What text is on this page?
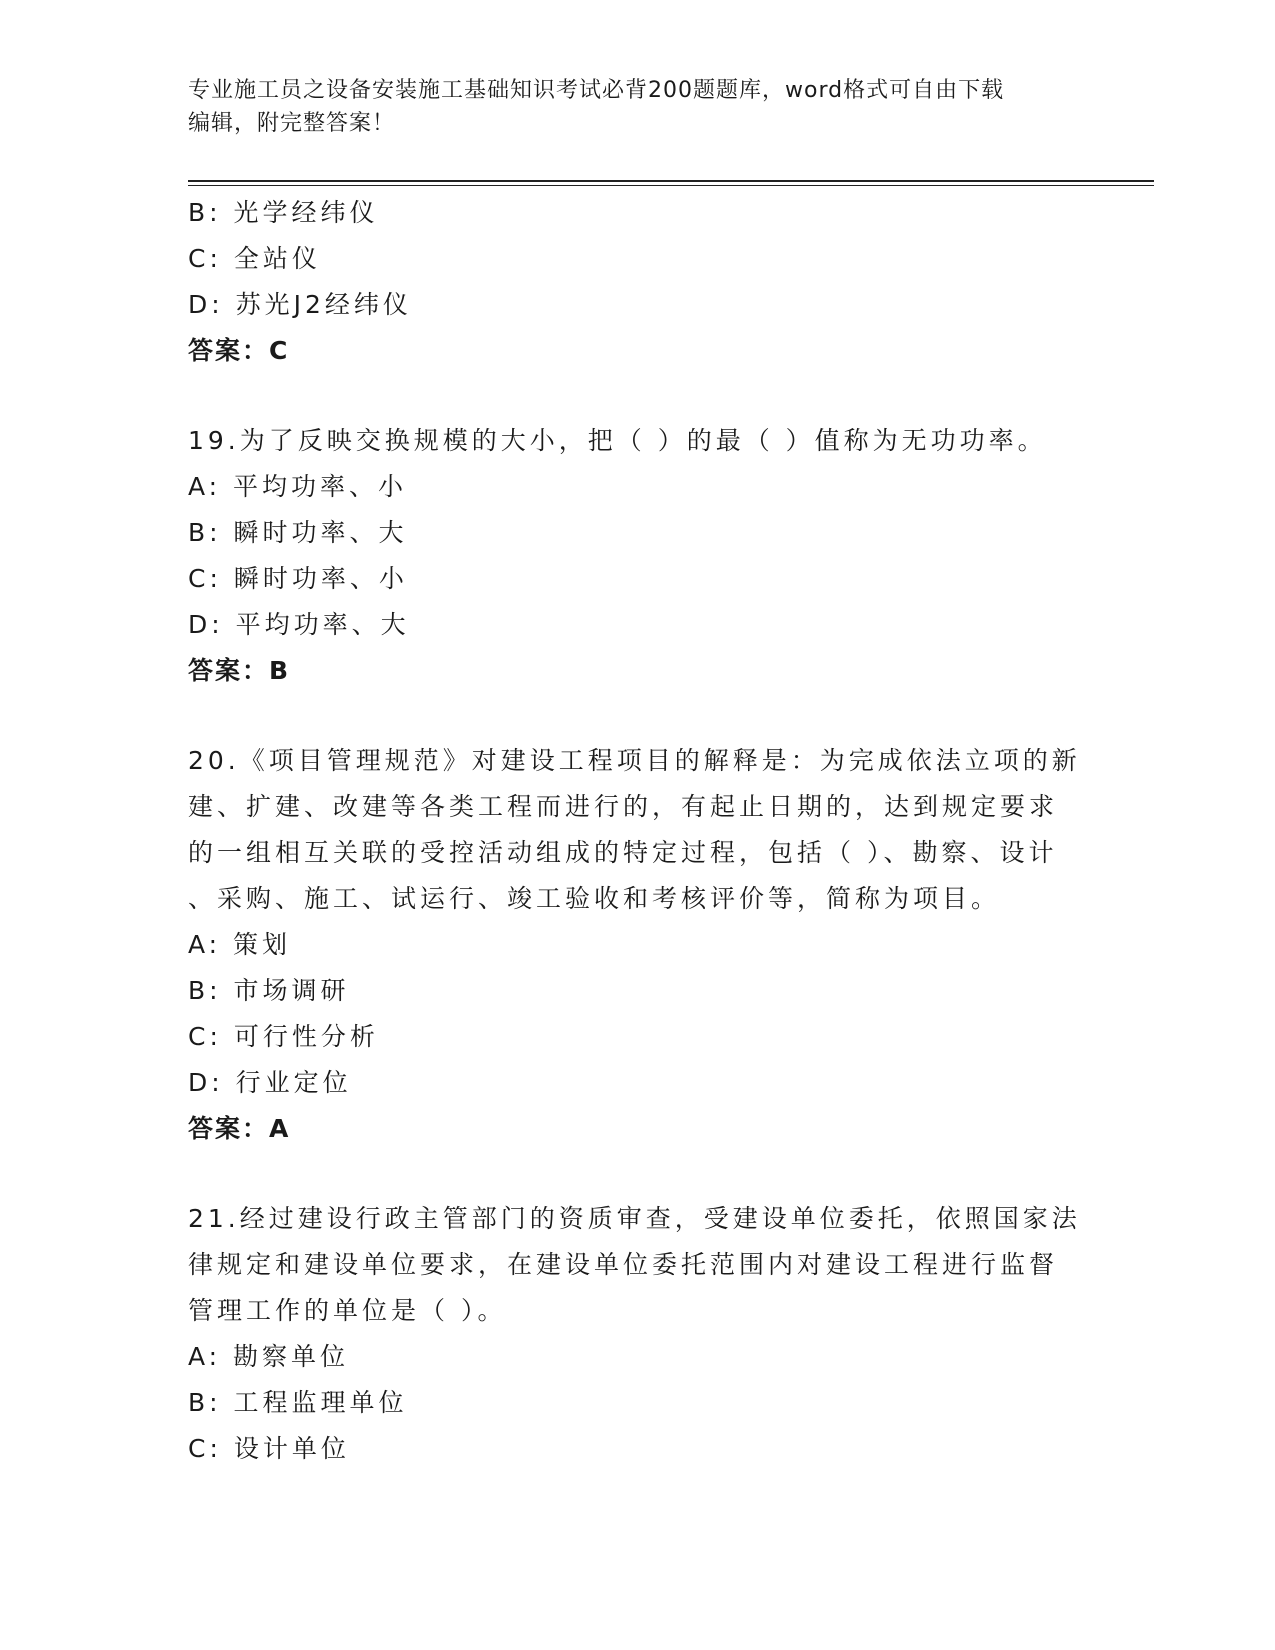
专业施工员之设备安装施工基础知识考试必背200题题库，word格式可自由下载
编辑，附完整答案！
B: 光学经纬仪
C: 全站仪
D: 苏光J2经纬仪
答案：C
19.为了反映交换规模的大小，把（ ）的最（ ）值称为无功功率。
A: 平均功率、小
B: 瞬时功率、大
C: 瞬时功率、小
D: 平均功率、大
答案：B
20.《项目管理规范》对建设工程项目的解释是：为完成依法立项的新
建、扩建、改建等各类工程而进行的，有起止日期的，达到规定要求
的一组相互关联的受控活动组成的特定过程，包括（ ）、勘察、设计
、采购、施工、试运行、竣工验收和考核评价等，简称为项目。
A: 策划
B: 市场调研
C: 可行性分析
D: 行业定位
答案：A
21.经过建设行政主管部门的资质审查，受建设单位委托，依照国家法
律规定和建设单位要求，在建设单位委托范围内对建设工程进行监督
管理工作的单位是（ ）。
A: 勘察单位
B: 工程监理单位
C: 设计单位
